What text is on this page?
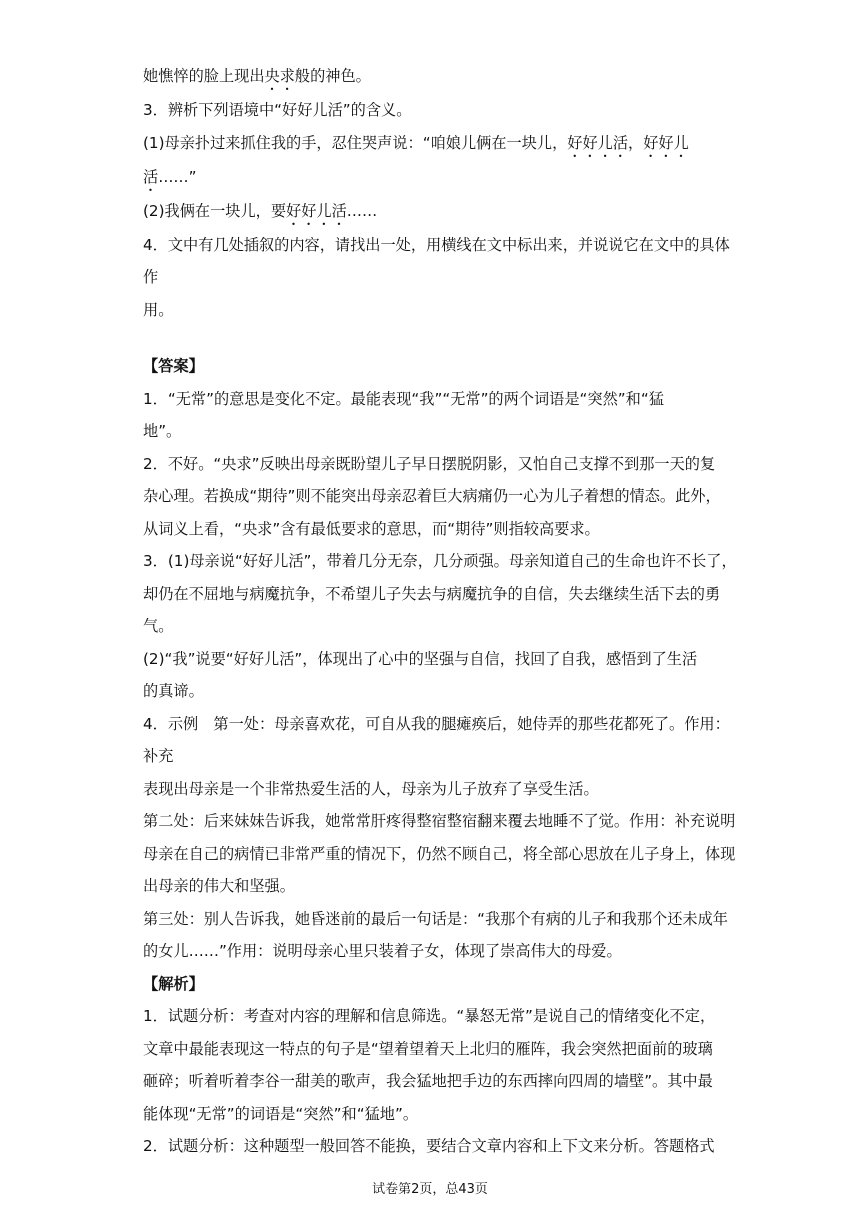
她憔悴的脸上现出央求般的神色。

3．辨析下列语境中“好好儿活”的含义。

(1)母亲扑过来抓住我的手，忍住哭声说：“咱娘儿俩在一块儿，好好儿活，好好儿

活……”

(2)我俩在一块儿，要好好儿活……

4．文中有几处插叙的内容，请找出一处，用横线在文中标出来，并说说它在文中的具体作

用。

【答案】

1．“无常”的意思是变化不定。最能表现“我”“无常”的两个词语是“突然”和“猛

地”。

2．不好。“央求”反映出母亲既盼望儿子早日摆脱阴影，又怕自己支撑不到那一天的复

杂心理。若换成“期待”则不能突出母亲忍着巨大病痛仍一心为儿子着想的情态。此外，

从词义上看，“央求”含有最低要求的意思，而“期待”则指较高要求。

3．(1)母亲说“好好儿活”，带着几分无奈，几分顽强。母亲知道自己的生命也许不长了，

却仍在不屈地与病魔抗争，不希望儿子失去与病魔抗争的自信，失去继续生活下去的勇

气。

(2)“我”说要“好好儿活”，体现出了心中的坚强与自信，找回了自我，感悟到了生活

的真谛。

4．示例　第一处：母亲喜欢花，可自从我的腿瘫痪后，她侍弄的那些花都死了。作用：补充

表现出母亲是一个非常热爱生活的人，母亲为儿子放弃了享受生活。

第二处：后来妹妹告诉我，她常常肝疼得整宿整宿翻来覆去地睡不了觉。作用：补充说明

母亲在自己的病情已非常严重的情况下，仍然不顾自己，将全部心思放在儿子身上，体现

出母亲的伟大和坚强。

第三处：别人告诉我，她昏迷前的最后一句话是：“我那个有病的儿子和我那个还未成年

的女儿……”作用：说明母亲心里只装着子女，体现了崇高伟大的母爱。

【解析】

1．试题分析：考查对内容的理解和信息筛选。“暴怒无常”是说自己的情绪变化不定，

文章中最能表现这一特点的句子是“望着望着天上北归的雁阵，我会突然把面前的玻璃

砸碎；听着听着李谷一甜美的歌声，我会猛地把手边的东西摔向四周的墙壁”。其中最

能体现“无常”的词语是“突然”和“猛地”。

2．试题分析：这种题型一般回答不能换，要结合文章内容和上下文来分析。答题格式

试卷第2页，总43页
